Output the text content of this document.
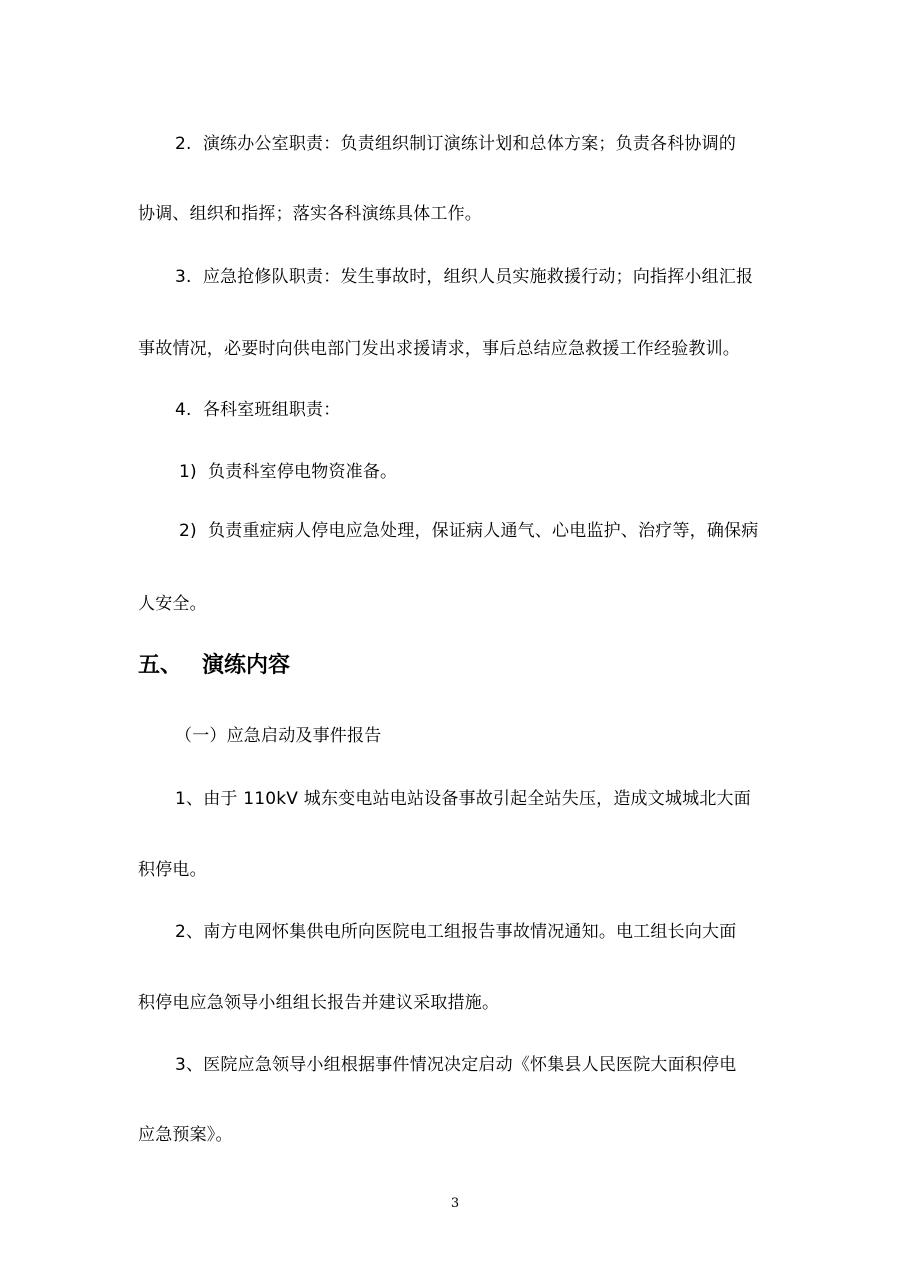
2.  演练办公室职责：负责组织制订演练计划和总体方案；负责各科协调的
协调、组织和指挥；落实各科演练具体工作。
3.  应急抢修队职责：发生事故时，组织人员实施救援行动；向指挥小组汇报
事故情况，必要时向供电部门发出求援请求，事后总结应急救援工作经验教训。
4.  各科室班组职责：
1)  负责科室停电物资准备。
2)  负责重症病人停电应急处理，保证病人通气、心电监护、治疗等，确保病
人安全。
五、 演练内容
（一）应急启动及事件报告
1、由于 110kV 城东变电站电站设备事故引起全站失压，造成文城城北大面
积停电。
2、南方电网怀集供电所向医院电工组报告事故情况通知。电工组长向大面
积停电应急领导小组组长报告并建议采取措施。
3、医院应急领导小组根据事件情况决定启动《怀集县人民医院大面积停电
应急预案》。
3
